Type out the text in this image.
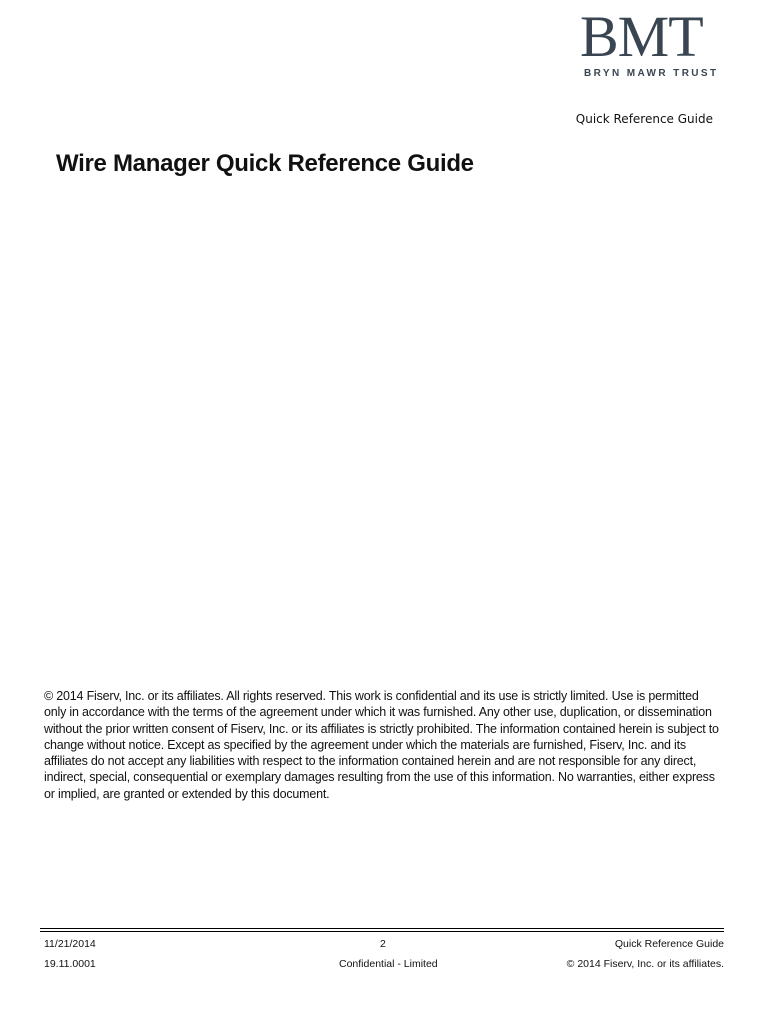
BMT
BRYN MAWR TRUST
Quick Reference Guide
Wire Manager Quick Reference Guide

© 2014 Fiserv, Inc. or its affiliates. All rights reserved. This work is confidential and its use is strictly limited. Use is permitted only in accordance with the terms of the agreement under which it was furnished. Any other use, duplication, or dissemination without the prior written consent of Fiserv, Inc. or its affiliates is strictly prohibited. The information contained herein is subject to change without notice. Except as specified by the agreement under which the materials are furnished, Fiserv, Inc. and its affiliates do not accept any liabilities with respect to the information contained herein and are not responsible for any direct, indirect, special, consequential or exemplary damages resulting from the use of this information. No warranties, either express or implied, are granted or extended by this document.

11/21/2014	2	Quick Reference Guide
19.11.0001	Confidential - Limited	© 2014 Fiserv, Inc. or its affiliates.
